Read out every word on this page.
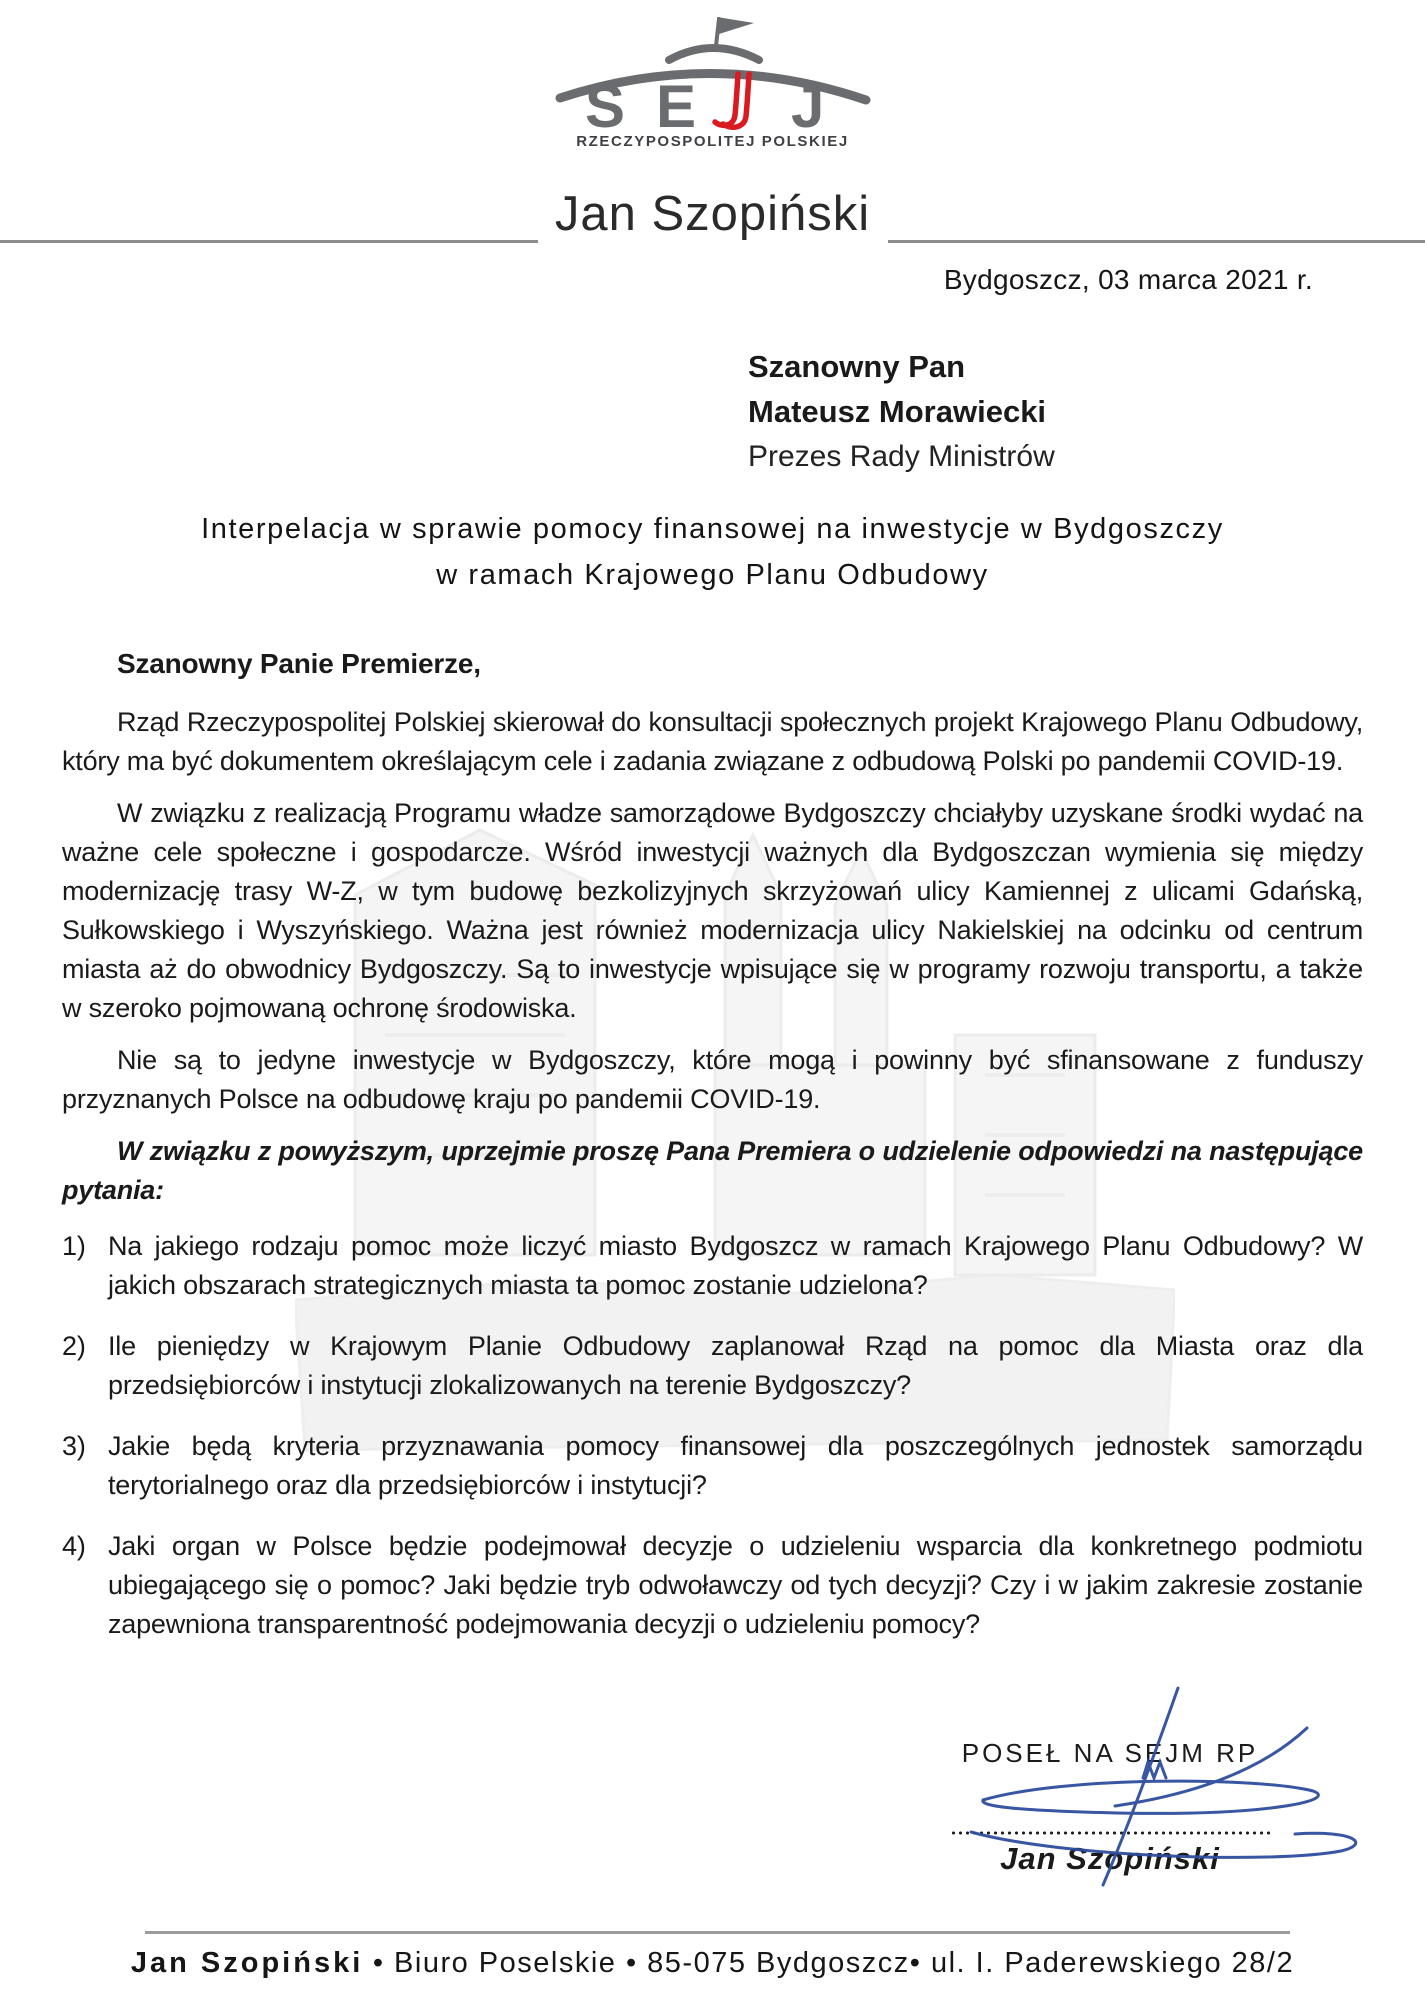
S E J
RZECZYPOSPOLITEJ POLSKIEJ
Jan Szopiński
Bydgoszcz, 03 marca 2021 r.
Szanowny Pan
Mateusz Morawiecki
Prezes Rady Ministrów
Interpelacja w sprawie pomocy finansowej na inwestycje w Bydgoszczy
w ramach Krajowego Planu Odbudowy

Szanowny Panie Premierze,

Rząd Rzeczypospolitej Polskiej skierował do konsultacji społecznych projekt Krajowego Planu Odbudowy, który ma być dokumentem określającym cele i zadania związane z odbudową Polski po pandemii COVID-19.

W związku z realizacją Programu władze samorządowe Bydgoszczy chciałyby uzyskane środki wydać na ważne cele społeczne i gospodarcze. Wśród inwestycji ważnych dla Bydgoszczan wymienia się między modernizację trasy W-Z, w tym budowę bezkolizyjnych skrzyżowań ulicy Kamiennej z ulicami Gdańską, Sułkowskiego i Wyszyńskiego. Ważna jest również modernizacja ulicy Nakielskiej na odcinku od centrum miasta aż do obwodnicy Bydgoszczy. Są to inwestycje wpisujące się w programy rozwoju transportu, a także w szeroko pojmowaną ochronę środowiska.

Nie są to jedyne inwestycje w Bydgoszczy, które mogą i powinny być sfinansowane z funduszy przyznanych Polsce na odbudowę kraju po pandemii COVID-19.

W związku z powyższym, uprzejmie proszę Pana Premiera o udzielenie odpowiedzi na następujące pytania:

1) Na jakiego rodzaju pomoc może liczyć miasto Bydgoszcz w ramach Krajowego Planu Odbudowy? W jakich obszarach strategicznych miasta ta pomoc zostanie udzielona?
2) Ile pieniędzy w Krajowym Planie Odbudowy zaplanował Rząd na pomoc dla Miasta oraz dla przedsiębiorców i instytucji zlokalizowanych na terenie Bydgoszczy?
3) Jakie będą kryteria przyznawania pomocy finansowej dla poszczególnych jednostek samorządu terytorialnego oraz dla przedsiębiorców i instytucji?
4) Jaki organ w Polsce będzie podejmował decyzje o udzieleniu wsparcia dla konkretnego podmiotu ubiegającego się o pomoc? Jaki będzie tryb odwoławczy od tych decyzji? Czy i w jakim zakresie zostanie zapewniona transparentność podejmowania decyzji o udzieleniu pomocy?
POSEŁ NA SEJM RP
Jan Szopiński
Jan Szopiński • Biuro Poselskie • 85-075 Bydgoszcz• ul. I. Paderewskiego 28/2
